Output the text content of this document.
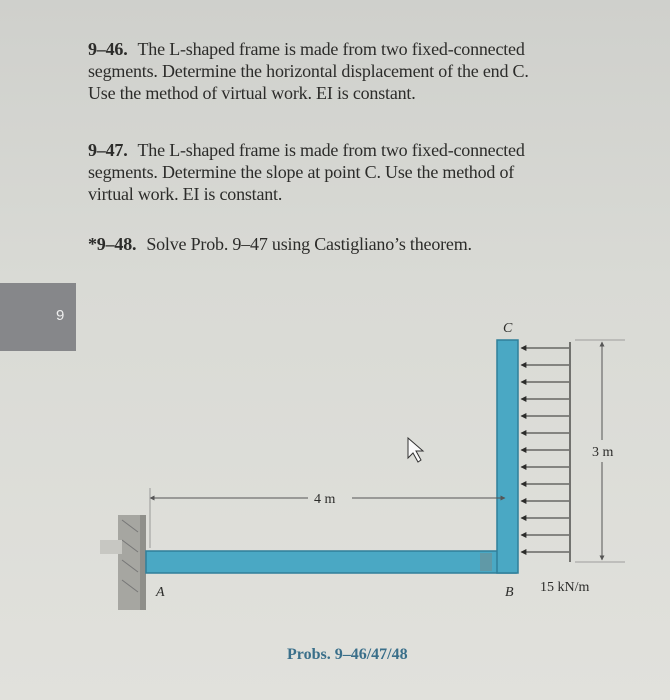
9–46. The L-shaped frame is made from two fixed-connected
segments. Determine the horizontal displacement of the end C.
Use the method of virtual work. EI is constant.
9–47. The L-shaped frame is made from two fixed-connected
segments. Determine the slope at point C. Use the method of
virtual work. EI is constant.
*9–48. Solve Prob. 9–47 using Castigliano’s theorem.
9
4 m
3 m
C
A	B 15 kN/m
Probs. 9–46/47/48
